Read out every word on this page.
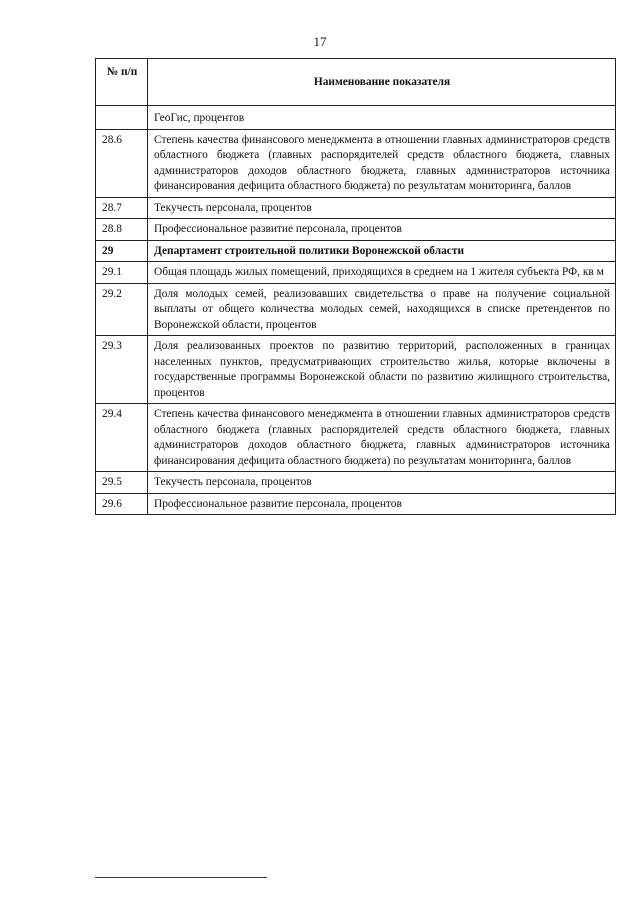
17
№ п/п	Наименование показателя
	ГеоГис, процентов
28.6	Степень качества финансового менеджмента в отношении главных администраторов средств областного бюджета (главных распорядителей средств областного бюджета, главных администраторов доходов областного бюджета, главных администраторов источника финансирования дефицита областного бюджета) по результатам мониторинга, баллов
28.7	Текучесть персонала, процентов
28.8	Профессиональное развитие персонала, процентов
29	Департамент строительной политики Воронежской области
29.1	Общая площадь жилых помещений, приходящихся в среднем на 1 жителя субъекта РФ, кв м
29.2	Доля молодых семей, реализовавших свидетельства о праве на получение социальной выплаты от общего количества молодых семей, находящихся в списке претендентов по Воронежской области, процентов
29.3	Доля реализованных проектов по развитию территорий, расположенных в границах населенных пунктов, предусматривающих строительство жилья, которые включены в государственные программы Воронежской области по развитию жилищного строительства, процентов
29.4	Степень качества финансового менеджмента в отношении главных администраторов средств областного бюджета (главных распорядителей средств областного бюджета, главных администраторов доходов областного бюджета, главных администраторов источника финансирования дефицита областного бюджета) по результатам мониторинга, баллов
29.5	Текучесть персонала, процентов
29.6	Профессиональное развитие персонала, процентов
